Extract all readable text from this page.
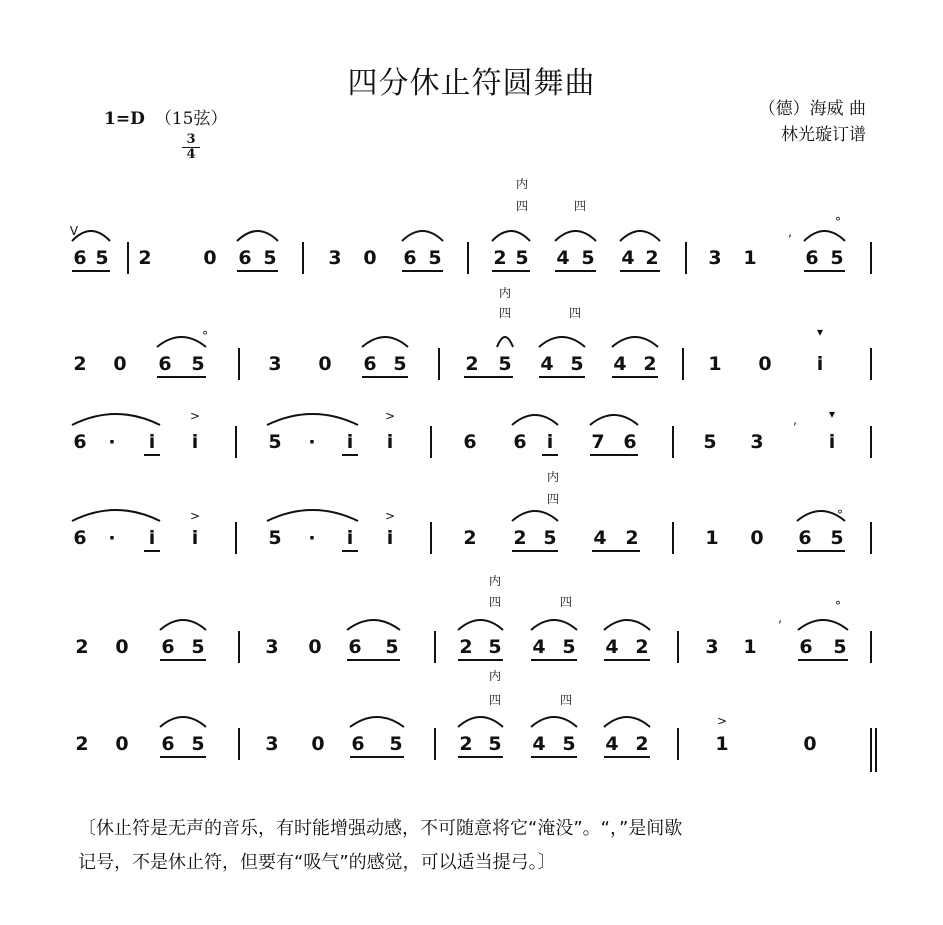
四分休止符圆舞曲
1=D （15弦）
3
4
（德）海威 曲
林光璇订谱
6 5 2	0 6 5	3 0 6 5	2 5 4 5 4 2	3 1	6 5
2 0 6 5	3 0 6 5	2 5 4 5 4 2	1 0 i
6 · i i	5 · i i	6 6 i 7 6	5 3	i
6 · i i	5 · i i	2 2 5 4 2	1 0 6 5
2 0 6 5	3 0 6 5	2 5 4 5 4 2	3 1 6 5
2 0 6 5	3 0 6 5	2 5 4 5 4 2	1	0
V
内
内
内
内
内
四	四
四	四
四
四	四
四	四
>	>
>	>
>
▾
▾
°
°
°
°
,
,
,
〔休止符是无声的音乐，有时能增强动感，不可随意将它“淹没”。“，”是间歇
记号，不是休止符，但要有“吸气”的感觉，可以适当提弓。〕
